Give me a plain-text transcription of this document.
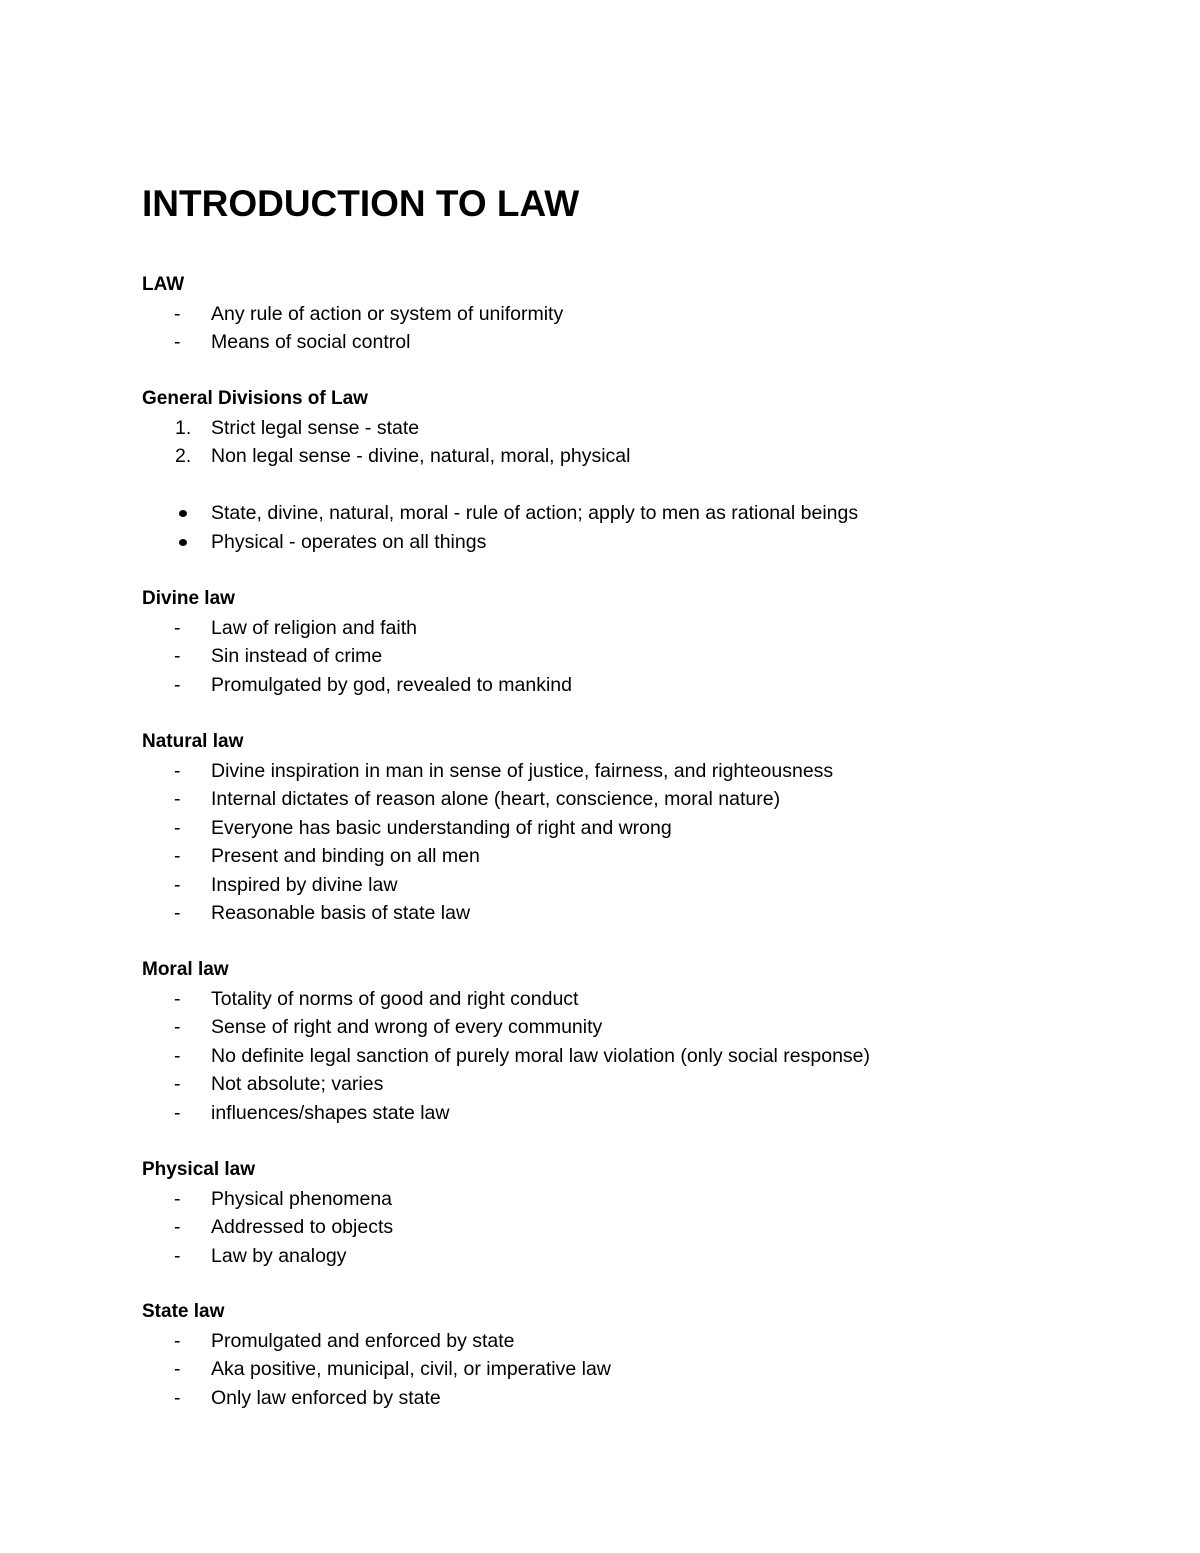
INTRODUCTION TO LAW
LAW
- Any rule of action or system of uniformity
- Means of social control
General Divisions of Law
1. Strict legal sense - state
2. Non legal sense - divine, natural, moral, physical
State, divine, natural, moral - rule of action; apply to men as rational beings
Physical - operates on all things
Divine law
- Law of religion and faith
- Sin instead of crime
- Promulgated by god, revealed to mankind
Natural law
- Divine inspiration in man in sense of justice, fairness, and righteousness
- Internal dictates of reason alone (heart, conscience, moral nature)
- Everyone has basic understanding of right and wrong
- Present and binding on all men
- Inspired by divine law
- Reasonable basis of state law
Moral law
- Totality of norms of good and right conduct
- Sense of right and wrong of every community
- No definite legal sanction of purely moral law violation (only social response)
- Not absolute; varies
- influences/shapes state law
Physical law
- Physical phenomena
- Addressed to objects
- Law by analogy
State law
- Promulgated and enforced by state
- Aka positive, municipal, civil, or imperative law
- Only law enforced by state
